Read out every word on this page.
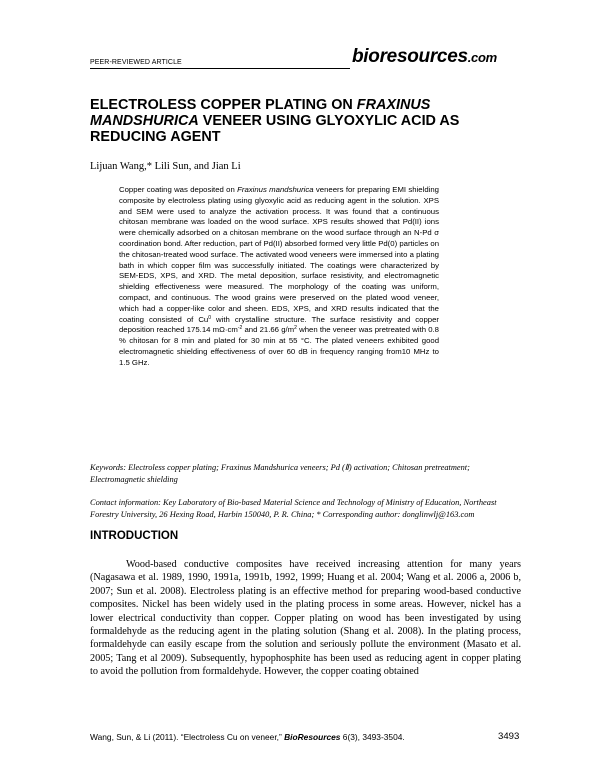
PEER-REVIEWED ARTICLE	bioresources.com
ELECTROLESS COPPER PLATING ON FRAXINUS MANDSHURICA VENEER USING GLYOXYLIC ACID AS REDUCING AGENT
Lijuan Wang,* Lili Sun, and Jian Li
Copper coating was deposited on Fraxinus mandshurica veneers for preparing EMI shielding composite by electroless plating using glyoxylic acid as reducing agent in the solution. XPS and SEM were used to analyze the activation process. It was found that a continuous chitosan membrane was loaded on the wood surface. XPS results showed that Pd(II) ions were chemically adsorbed on a chitosan membrane on the wood surface through an N-Pd σ coordination bond. After reduction, part of Pd(II) absorbed formed very little Pd(0) particles on the chitosan-treated wood surface. The activated wood veneers were immersed into a plating bath in which copper film was successfully initiated. The coatings were characterized by SEM-EDS, XPS, and XRD. The metal deposition, surface resistivity, and electromagnetic shielding effectiveness were measured. The morphology of the coating was uniform, compact, and continuous. The wood grains were preserved on the plated wood veneer, which had a copper-like color and sheen. EDS, XPS, and XRD results indicated that the coating consisted of Cu$^0$ with crystalline structure. The surface resistivity and copper deposition reached 175.14 $m\Omega\cdot cm^{-2}$ and 21.66 $g/m^2$ when the veneer was pretreated with 0.8 % chitosan for 8 min and plated for 30 min at 55 °C. The plated veneers exhibited good electromagnetic shielding effectiveness of over 60 dB in frequency ranging from10 MHz to 1.5 GHz.
Keywords: Electroless copper plating; Fraxinus Mandshurica veneers; Pd (Ⅱ) activation; Chitosan pretreatment; Electromagnetic shielding
Contact information: Key Laboratory of Bio-based Material Science and Technology of Ministry of Education, Northeast Forestry University, 26 Hexing Road, Harbin 150040, P. R. China; * Corresponding author: donglinwlj@163.com
INTRODUCTION

Wood-based conductive composites have received increasing attention for many years (Nagasawa et al. 1989, 1990, 1991a, 1991b, 1992, 1999; Huang et al. 2004; Wang et al. 2006 a, 2006 b, 2007; Sun et al. 2008). Electroless plating is an effective method for preparing wood-based conductive composites. Nickel has been widely used in the plating process in some areas. However, nickel has a lower electrical conductivity than copper. Copper plating on wood has been investigated by using formaldehyde as the reducing agent in the plating solution (Shang et al. 2008). In the plating process, formaldehyde can easily escape from the solution and seriously pollute the environment (Masato et al. 2005; Tang et al 2009). Subsequently, hypophosphite has been used as reducing agent in copper plating to avoid the pollution from formaldehyde. However, the copper coating obtained

Wang, Sun, & Li (2011). “Electroless Cu on veneer,” BioResources 6(3), 3493-3504.	3493
